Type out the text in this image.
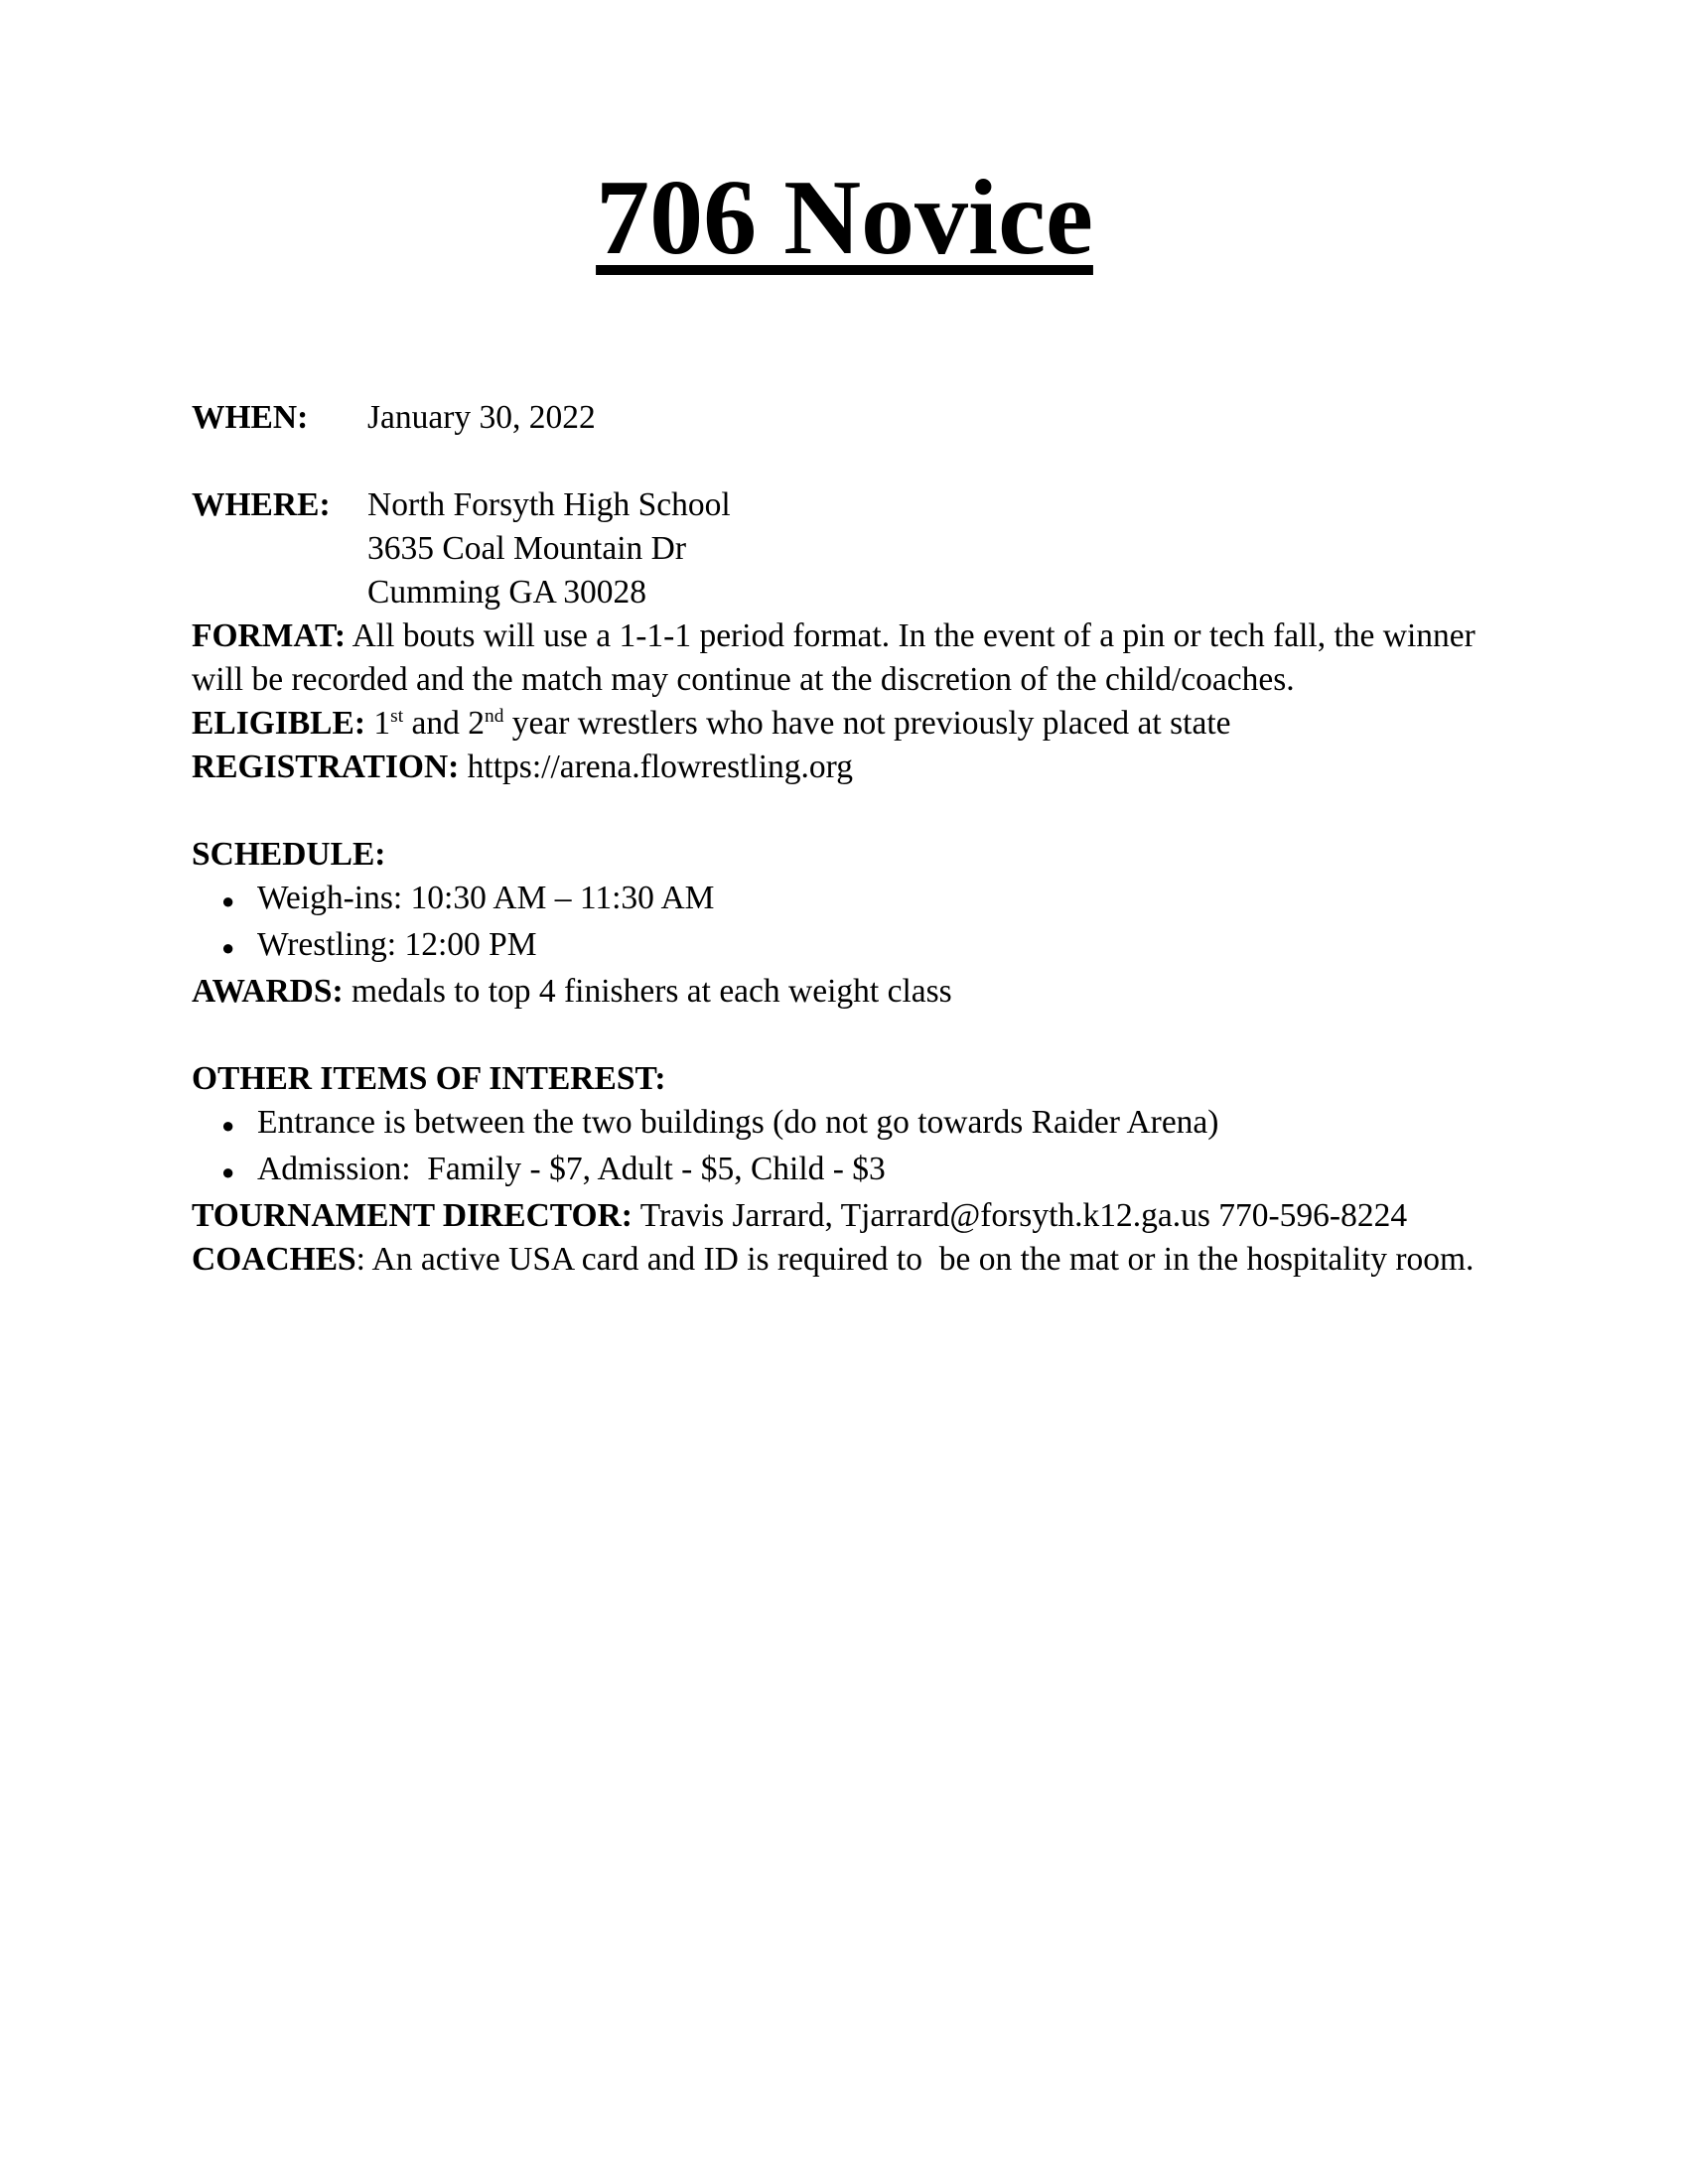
706 Novice
WHEN:	January 30, 2022
WHERE:	North Forsyth High School
3635 Coal Mountain Dr
Cumming GA 30028

FORMAT: All bouts will use a 1-1-1 period format. In the event of a pin or tech fall, the winner will be recorded and the match may continue at the discretion of the child/coaches.

ELIGIBLE: 1st and 2nd year wrestlers who have not previously placed at state

REGISTRATION: https://arena.flowrestling.org

SCHEDULE:

● Weigh-ins: 10:30 AM – 11:30 AM
● Wrestling: 12:00 PM

AWARDS: medals to top 4 finishers at each weight class

OTHER ITEMS OF INTEREST:

● Entrance is between the two buildings (do not go towards Raider Arena)
● Admission:  Family - $7, Adult - $5, Child - $3

TOURNAMENT DIRECTOR: Travis Jarrard, Tjarrard@forsyth.k12.ga.us 770-596-8224

COACHES: An active USA card and ID is required to  be on the mat or in the hospitality room.
